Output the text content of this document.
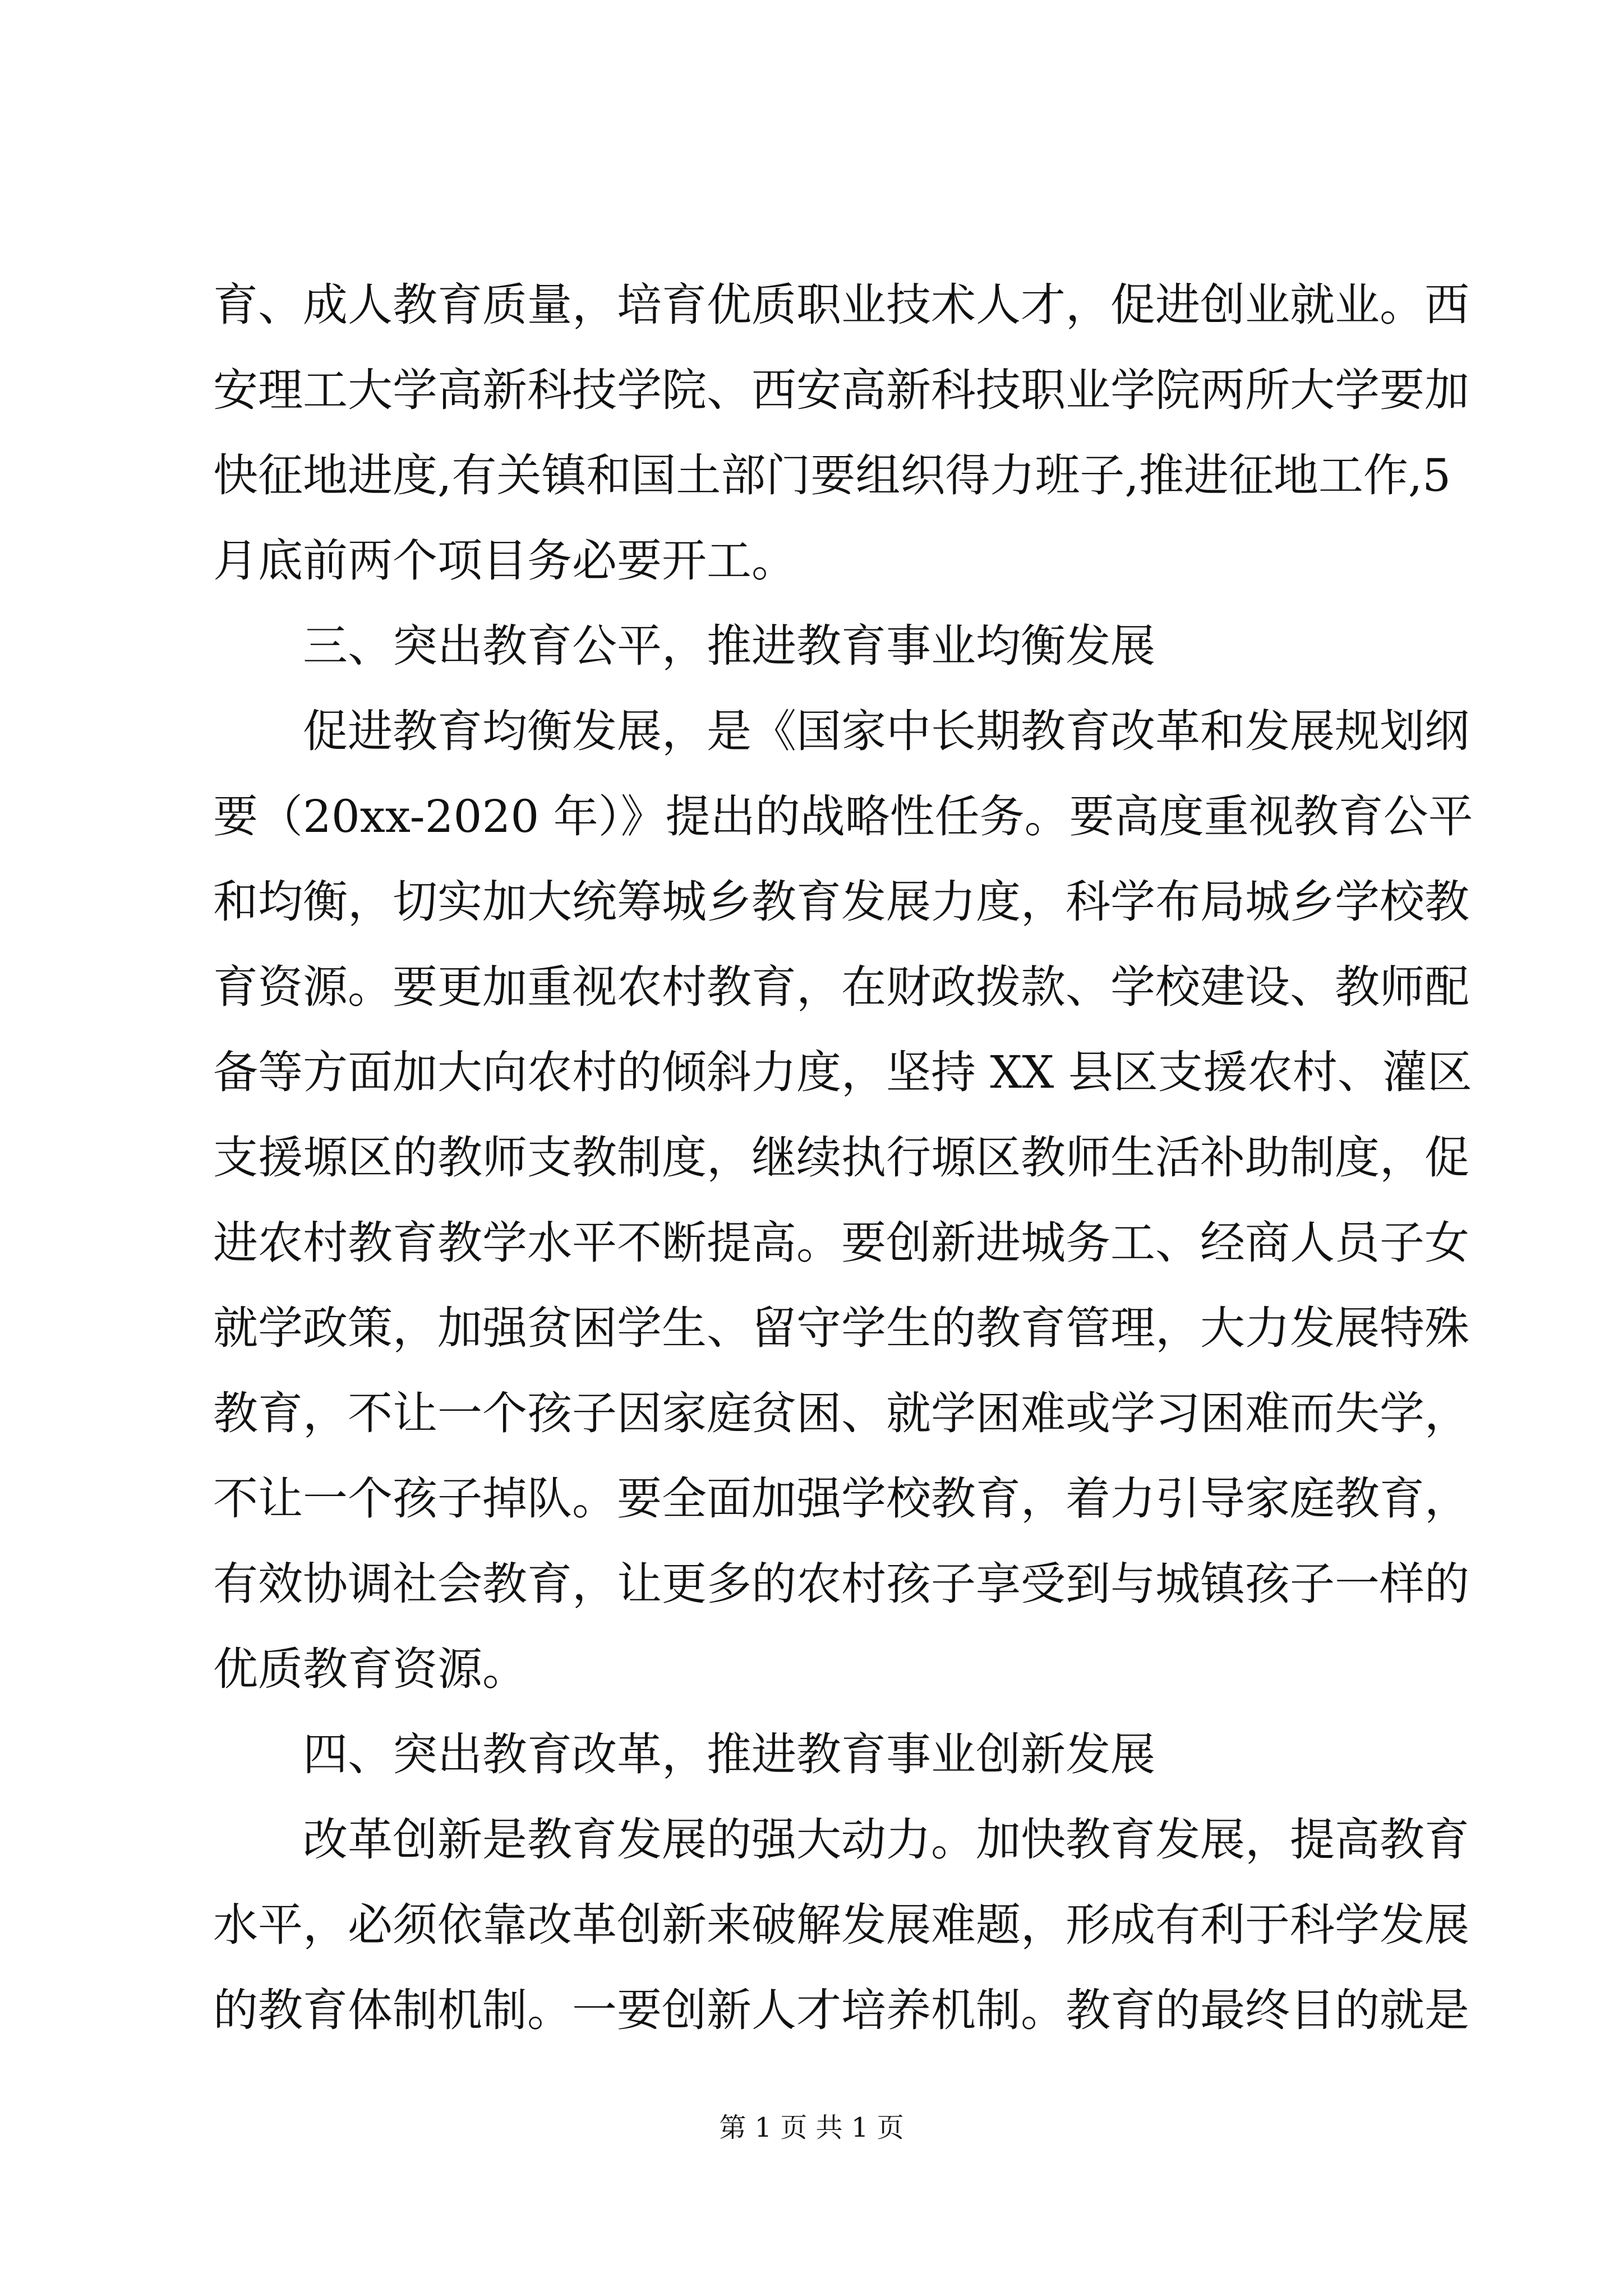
育、成人教育质量，培育优质职业技术人才，促进创业就业。西
安理工大学高新科技学院、西安高新科技职业学院两所大学要加
快征地进度,有关镇和国土部门要组织得力班子,推进征地工作,5
月底前两个项目务必要开工。
三、突出教育公平，推进教育事业均衡发展
促进教育均衡发展，是《国家中长期教育改革和发展规划纲
要（20xx-2020 年）》提出的战略性任务。要高度重视教育公平
和均衡，切实加大统筹城乡教育发展力度，科学布局城乡学校教
育资源。要更加重视农村教育，在财政拨款、学校建设、教师配
备等方面加大向农村的倾斜力度，坚持 XX 县区支援农村、灌区
支援塬区的教师支教制度，继续执行塬区教师生活补助制度，促
进农村教育教学水平不断提高。要创新进城务工、经商人员子女
就学政策，加强贫困学生、留守学生的教育管理，大力发展特殊
教育，不让一个孩子因家庭贫困、就学困难或学习困难而失学，
不让一个孩子掉队。要全面加强学校教育，着力引导家庭教育，
有效协调社会教育，让更多的农村孩子享受到与城镇孩子一样的
优质教育资源。
四、突出教育改革，推进教育事业创新发展
改革创新是教育发展的强大动力。加快教育发展，提高教育
水平，必须依靠改革创新来破解发展难题，形成有利于科学发展
的教育体制机制。一要创新人才培养机制。教育的最终目的就是
第 1 页 共 1 页
